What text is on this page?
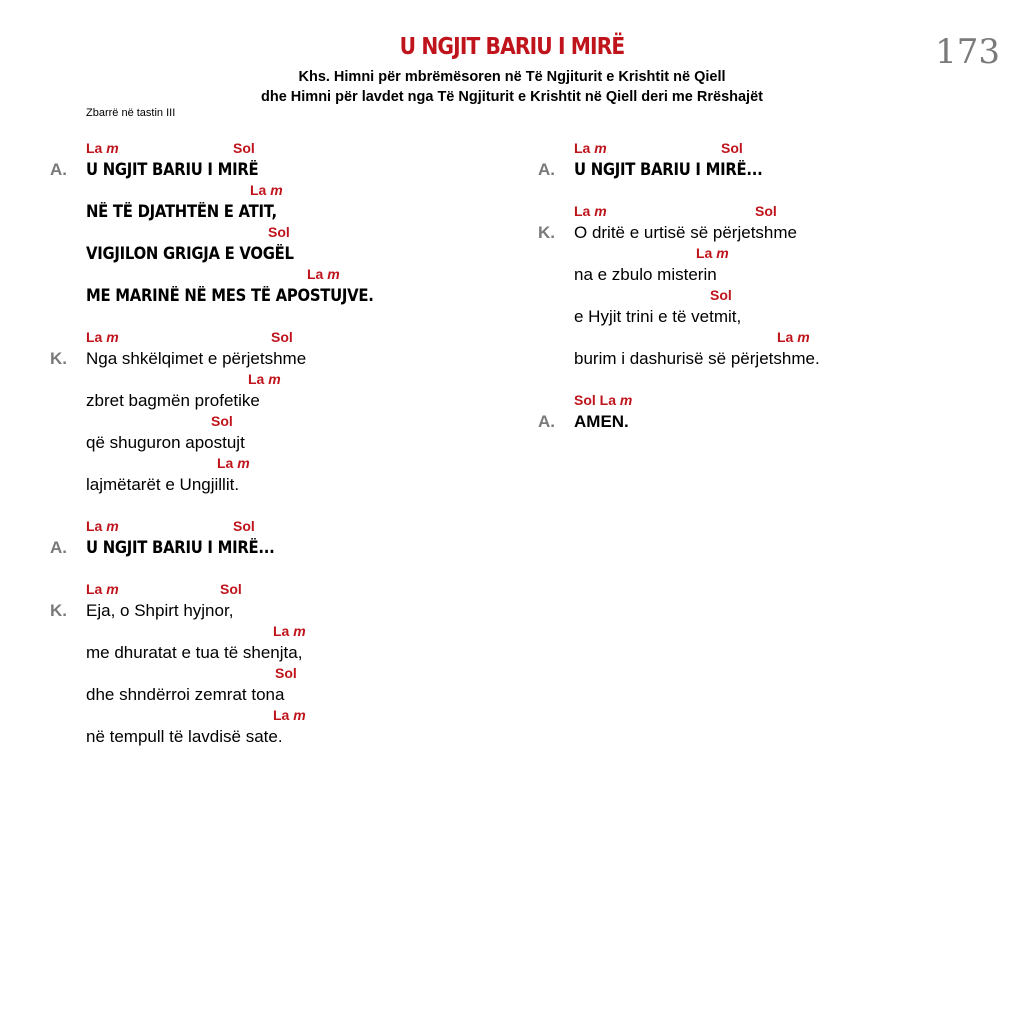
173
U NGJIT BARIU I MIRË
Khs. Himni për mbrëmësoren në Të Ngjiturit e Krishtit në Qiell
dhe Himni për lavdet nga Të Ngjiturit e Krishtit në Qiell deri me Rrëshajët
Zbarrë në tastin III
La m	Sol
A. U NGJIT BARIU I MIRË
La m
NË TË DJATHTËN E ATIT,
Sol
VIGJILON GRIGJA E VOGËL
La m
ME MARINË NË MES TË APOSTUJVE.
La m	Sol
K. Nga shkëlqimet e përjetshme
La m
zbret bagmën profetike
Sol
që shuguron apostujt
La m
lajmëtarët e Ungjillit.
La m	Sol
A. U NGJIT BARIU I MIRË...
La m	Sol
K. Eja, o Shpirt hyjnor,
La m
me dhuratat e tua të shenjta,
Sol
dhe shndërroi zemrat tona
La m
në tempull të lavdisë sate.
La m	Sol
A. U NGJIT BARIU I MIRË...
La m	Sol
K. O dritë e urtisë së përjetshme
La m
na e zbulo misterin
Sol
e Hyjit trini e të vetmit,
La m
burim i dashurisë së përjetshme.
Sol La m
A. AMEN.
